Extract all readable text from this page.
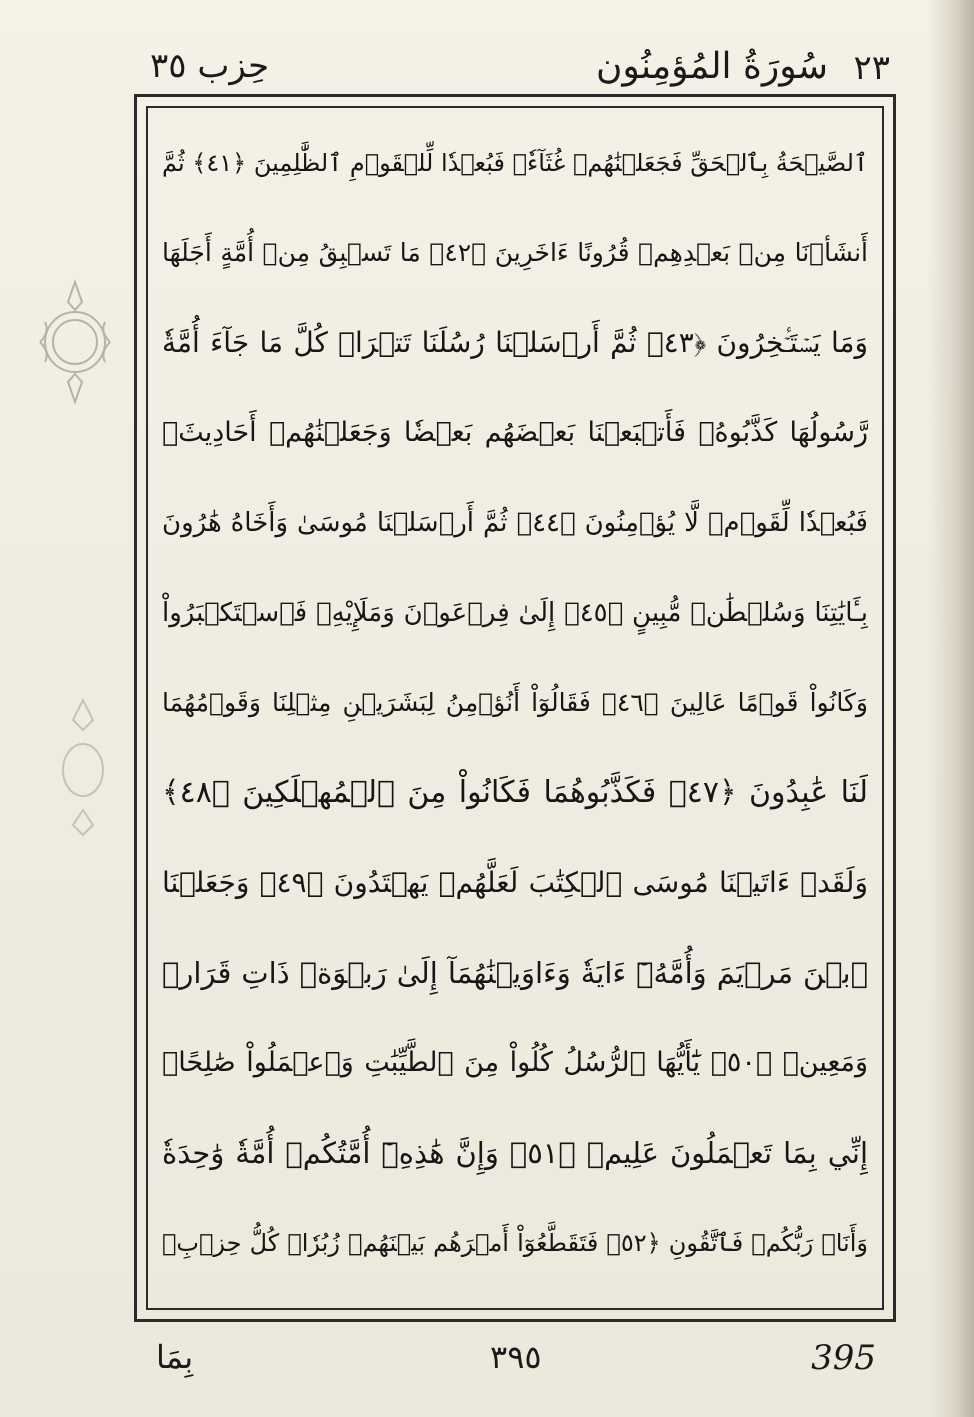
٢٣
سُورَةُ المُؤمِنُون
حِزب ٣٥
ٱلصَّيۡحَةُ بِٱلۡحَقِّ فَجَعَلۡنَٰهُمۡ غُثَآءٗۚ فَبُعۡدٗا لِّلۡقَوۡمِ ٱلظَّٰلِمِينَ ﴿٤١﴾ ثُمَّ
أَنشَأۡنَا مِنۢ بَعۡدِهِمۡ قُرُونًا ءَاخَرِينَ ﴿٤٢﴾ مَا تَسۡبِقُ مِنۡ أُمَّةٍ أَجَلَهَا
وَمَا يَسۡتَـٔۡخِرُونَ ﴿٤٣﴾ ثُمَّ أَرۡسَلۡنَا رُسُلَنَا تَتۡرَاۖ كُلَّ مَا جَآءَ أُمَّةٗ
رَّسُولُهَا كَذَّبُوهُۖ فَأَتۡبَعۡنَا بَعۡضَهُم بَعۡضٗا وَجَعَلۡنَٰهُمۡ أَحَادِيثَۚ
فَبُعۡدٗا لِّقَوۡمٖ لَّا يُؤۡمِنُونَ ﴿٤٤﴾ ثُمَّ أَرۡسَلۡنَا مُوسَىٰ وَأَخَاهُ هَٰرُونَ
بِـَٔايَٰتِنَا وَسُلۡطَٰنٖ مُّبِينٍ ﴿٤٥﴾ إِلَىٰ فِرۡعَوۡنَ وَمَلَإِيْهِۦ فَٱسۡتَكۡبَرُواْ
وَكَانُواْ قَوۡمًا عَالِينَ ﴿٤٦﴾ فَقَالُوٓاْ أَنُؤۡمِنُ لِبَشَرَيۡنِ مِثۡلِنَا وَقَوۡمُهُمَا
لَنَا عَٰبِدُونَ ﴿٤٧﴾ فَكَذَّبُوهُمَا فَكَانُواْ مِنَ ٱلۡمُهۡلَكِينَ ﴿٤٨﴾
وَلَقَدۡ ءَاتَيۡنَا مُوسَى ٱلۡكِتَٰبَ لَعَلَّهُمۡ يَهۡتَدُونَ ﴿٤٩﴾ وَجَعَلۡنَا
ٱبۡنَ مَرۡيَمَ وَأُمَّهُۥٓ ءَايَةٗ وَءَاوَيۡنَٰهُمَآ إِلَىٰ رَبۡوَةٖ ذَاتِ قَرَارٖ
وَمَعِينٖ ﴿٥٠﴾ يَٰٓأَيُّهَا ٱلرُّسُلُ كُلُواْ مِنَ ٱلطَّيِّبَٰتِ وَٱعۡمَلُواْ صَٰلِحًاۖ
إِنِّي بِمَا تَعۡمَلُونَ عَلِيمٞ ﴿٥١﴾ وَإِنَّ هَٰذِهِۦٓ أُمَّتُكُمۡ أُمَّةٗ وَٰحِدَةٗ
وَأَنَا۠ رَبُّكُمۡ فَٱتَّقُونِ ﴿٥٢﴾ فَتَقَطَّعُوٓاْ أَمۡرَهُم بَيۡنَهُمۡ زُبُرٗاۖ كُلُّ حِزۡبِۭ
بِمَا	٣٩٥	395
